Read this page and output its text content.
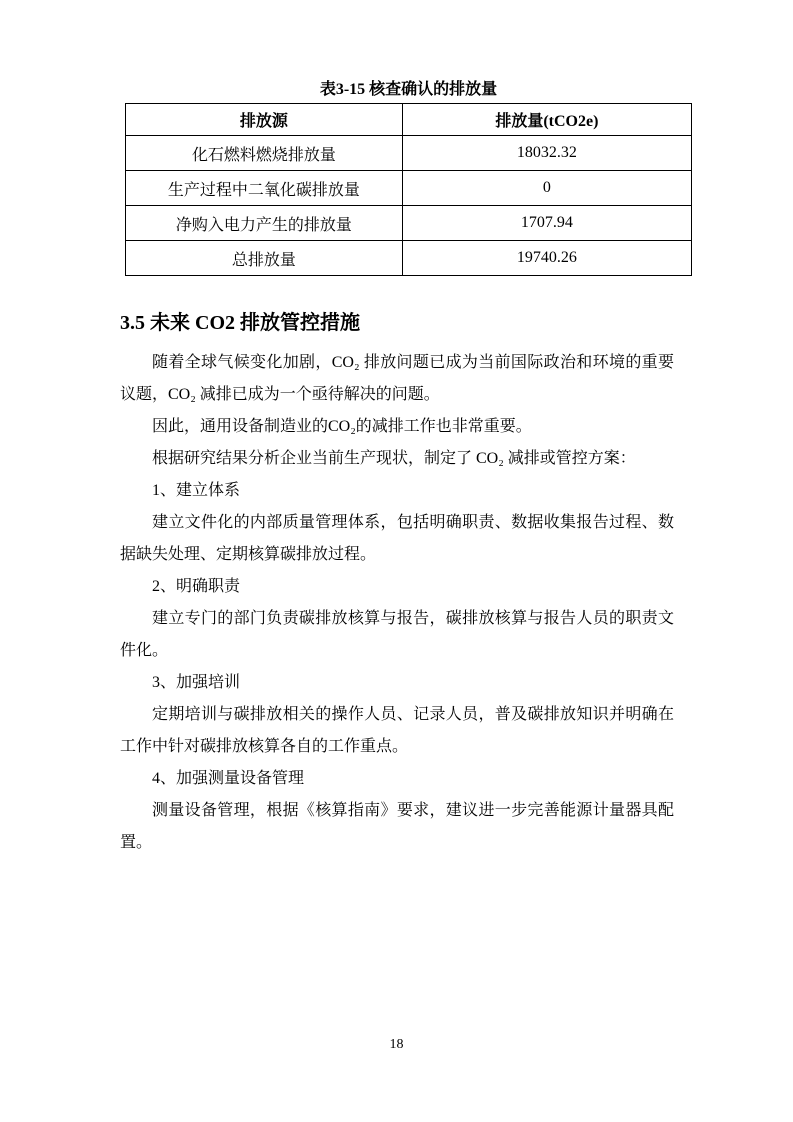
表3-15 核查确认的排放量
排放源	排放量(tCO2e)
化石燃料燃烧排放量	18032.32
生产过程中二氧化碳排放量	0
净购入电力产生的排放量	1707.94
总排放量	19740.26
3.5 未来 CO2 排放管控措施

随着全球气候变化加剧，CO₂ 排放问题已成为当前国际政治和环境的重要议题，CO₂ 减排已成为一个亟待解决的问题。

因此，通用设备制造业的CO₂的减排工作也非常重要。

根据研究结果分析企业当前生产现状，制定了 CO₂ 减排或管控方案：

1、建立体系

建立文件化的内部质量管理体系，包括明确职责、数据收集报告过程、数据缺失处理、定期核算碳排放过程。

2、明确职责

建立专门的部门负责碳排放核算与报告，碳排放核算与报告人员的职责文件化。

3、加强培训

定期培训与碳排放相关的操作人员、记录人员，普及碳排放知识并明确在工作中针对碳排放核算各自的工作重点。

4、加强测量设备管理

测量设备管理，根据《核算指南》要求，建议进一步完善能源计量器具配置。

18
